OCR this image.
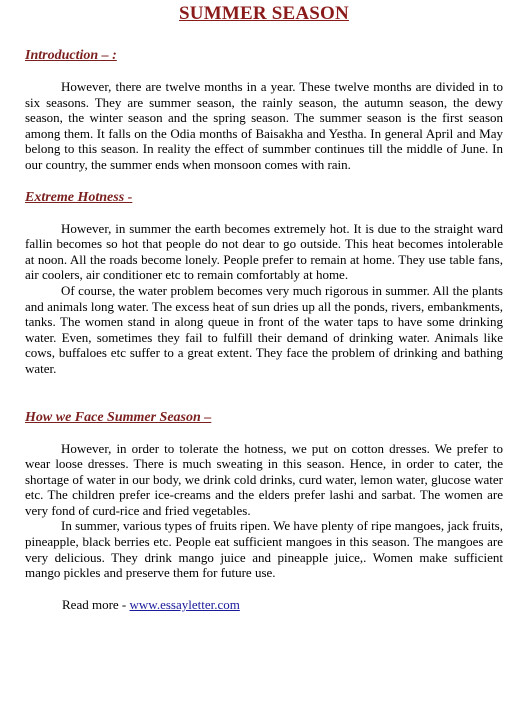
SUMMER SEASON
Introduction – :

However, there are twelve months in a year. These twelve months are divided in to six seasons. They are summer season, the rainly season, the autumn season, the dewy season, the winter season and the spring season. The summer season is the first season among them. It falls on the Odia months of Baisakha and Yestha. In general April and May belong to this season. In reality the effect of summber continues till the middle of June. In our country, the summer ends when monsoon comes with rain.

Extreme Hotness -

However, in summer the earth becomes extremely hot. It is due to the straight ward fallin becomes so hot that people do not dear to go outside. This heat becomes intolerable at noon. All the roads become lonely. People prefer to remain at home. They use table fans, air coolers, air conditioner etc to remain comfortably at home.

Of course, the water problem becomes very much rigorous in summer. All the plants and animals long water. The excess heat of sun dries up all the ponds, rivers, embankments, tanks. The women stand in along queue in front of the water taps to have some drinking water. Even, sometimes they fail to fulfill their demand of drinking water. Animals like cows, buffaloes etc suffer to a great extent. They face the problem of drinking and bathing water.

How we Face Summer Season –

However, in order to tolerate the hotness, we put on cotton dresses. We prefer to wear loose dresses. There is much sweating in this season. Hence, in order to cater, the shortage of water in our body, we drink cold drinks, curd water, lemon water, glucose water etc. The children prefer ice-creams and the elders prefer lashi and sarbat. The women are very fond of curd-rice and fried vegetables.

In summer, various types of fruits ripen. We have plenty of ripe mangoes, jack fruits, pineapple, black berries etc. People eat sufficient mangoes in this season. The mangoes are very delicious. They drink mango juice and pineapple juice,. Women make sufficient mango pickles and preserve them for future use.

Read more - www.essayletter.com
